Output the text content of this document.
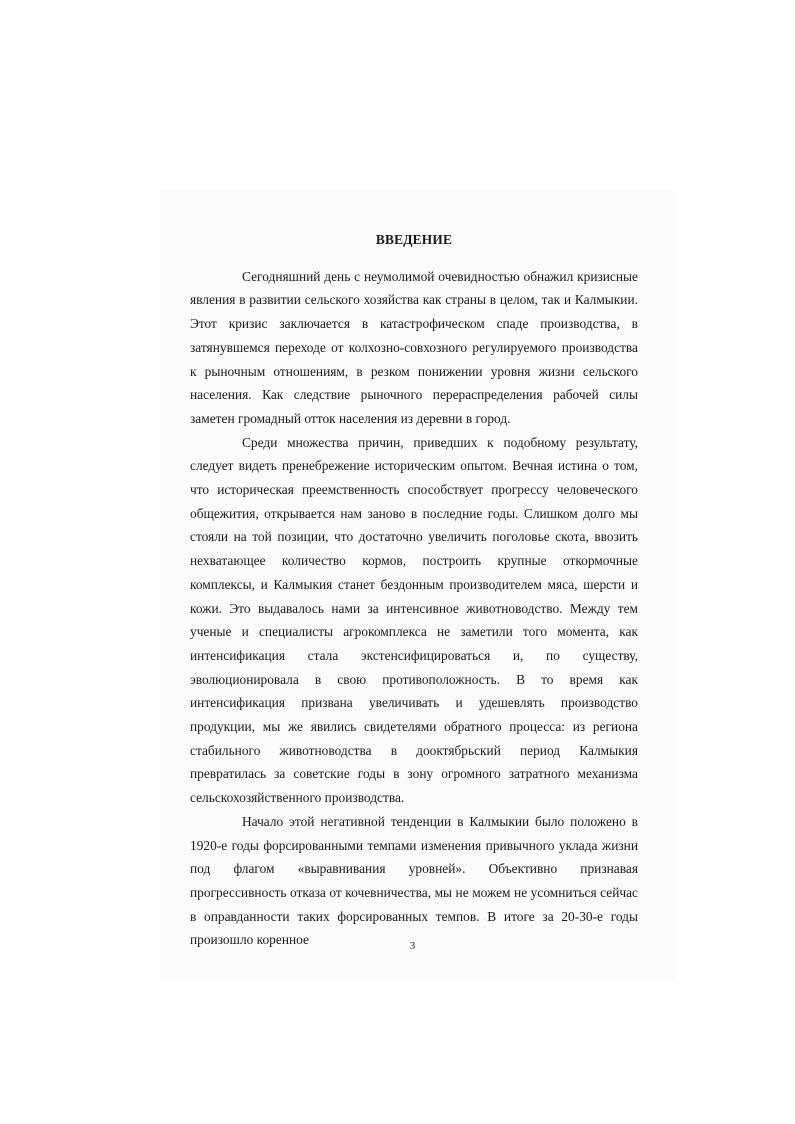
ВВЕДЕНИЕ

Сегодняшний день с неумолимой очевидностью обнажил кризисные явления в развитии сельского хозяйства как страны в целом, так и Калмыкии. Этот кризис заключается в катастрофическом спаде производства, в затянувшемся переходе от колхозно-совхозного регулируемого производства к рыночным отношениям, в резком понижении уровня жизни сельского населения. Как следствие рыночного перераспределения рабочей силы заметен громадный отток населения из деревни в город.

Среди множества причин, приведших к подобному результату, следует видеть пренебрежение историческим опытом. Вечная истина о том, что историческая преемственность способствует прогрессу человеческого общежития, открывается нам заново в последние годы. Слишком долго мы стояли на той позиции, что достаточно увеличить поголовье скота, ввозить нехватающее количество кормов, построить крупные откормочные комплексы, и Калмыкия станет бездонным производителем мяса, шерсти и кожи. Это выдавалось нами за интенсивное животноводство. Между тем ученые и специалисты агрокомплекса не заметили того момента, как интенсификация стала экстенсифицироваться и, по существу, эволюционировала в свою противоположность. В то время как интенсификация призвана увеличивать и удешевлять производство продукции, мы же явились свидетелями обратного процесса: из региона стабильного животноводства в дооктябрьский период Калмыкия превратилась за советские годы в зону огромного затратного механизма сельскохозяйственного производства.

Начало этой негативной тенденции в Калмыкии было положено в 1920-е годы форсированными темпами изменения привычного уклада жизни под флагом «выравнивания уровней». Объективно признавая прогрессивность отказа от кочевничества, мы не можем не усомниться сейчас в оправданности таких форсированных темпов. В итоге за 20-30-е годы произошло коренное	3
